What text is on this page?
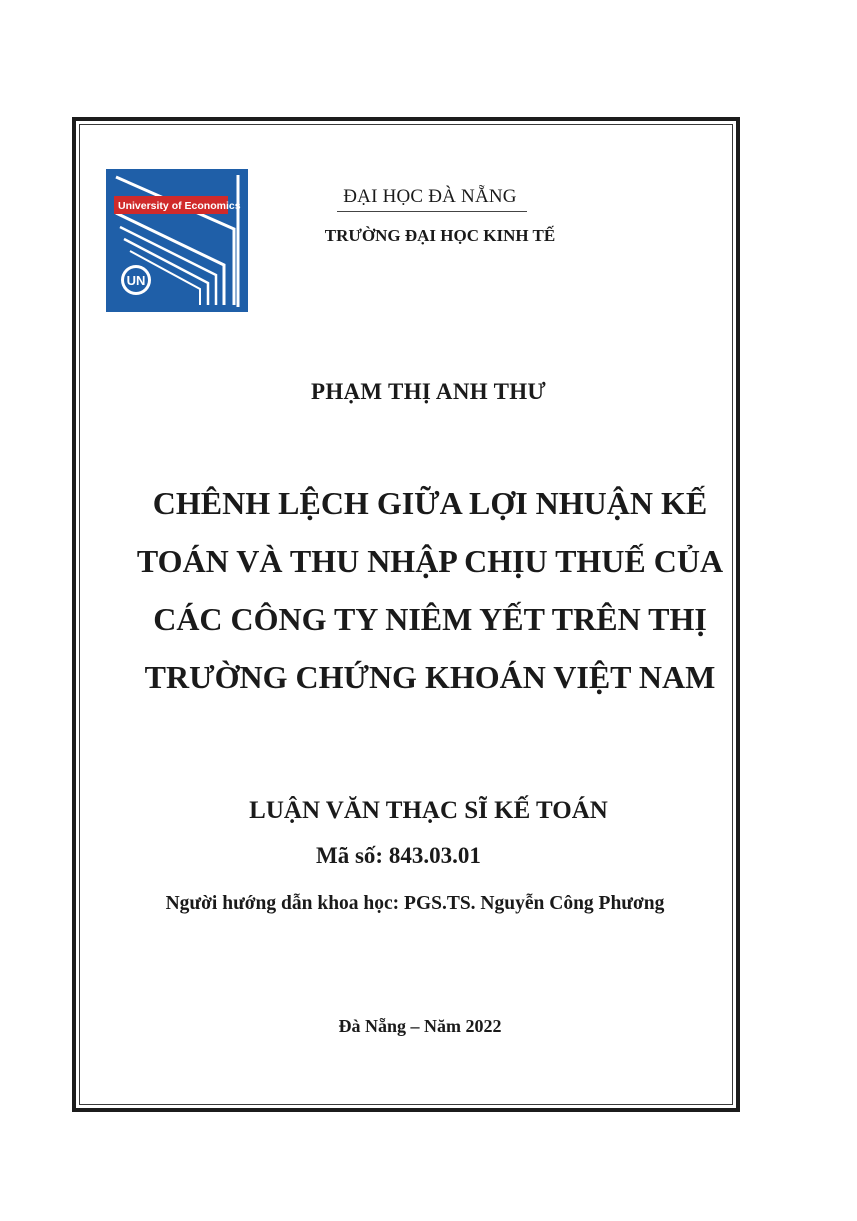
University of Economics
UN
ĐẠI HỌC ĐÀ NẴNG
TRƯỜNG ĐẠI HỌC KINH TẾ
PHẠM THỊ ANH THƯ
CHÊNH LỆCH GIỮA LỢI NHUẬN KẾ
TOÁN VÀ THU NHẬP CHỊU THUẾ CỦA
CÁC CÔNG TY NIÊM YẾT TRÊN THỊ
TRƯỜNG CHỨNG KHOÁN VIỆT NAM
LUẬN VĂN THẠC SĨ KẾ TOÁN
Mã số: 843.03.01
Người hướng dẫn khoa học: PGS.TS. Nguyễn Công Phương
Đà Nẵng – Năm 2022
